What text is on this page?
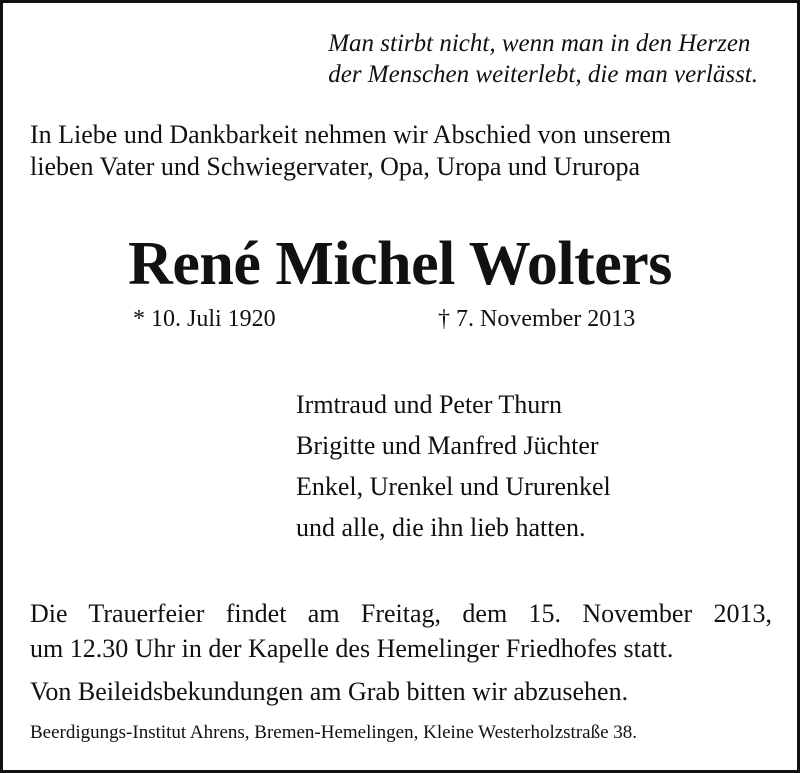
Man stirbt nicht, wenn man in den Herzen
der Menschen weiterlebt, die man verlässt.
In Liebe und Dankbarkeit nehmen wir Abschied von unserem
lieben Vater und Schwiegervater, Opa, Uropa und Ururopa
René Michel Wolters
* 10. Juli 1920	† 7. November 2013
Irmtraud und Peter Thurn
Brigitte und Manfred Jüchter
Enkel, Urenkel und Ururenkel
und alle, die ihn lieb hatten.
Die Trauerfeier findet am Freitag, dem 15. November 2013,
um 12.30 Uhr in der Kapelle des Hemelinger Friedhofes statt.
Von Beileidsbekundungen am Grab bitten wir abzusehen.
Beerdigungs-Institut Ahrens, Bremen-Hemelingen, Kleine Westerholzstraße 38.
